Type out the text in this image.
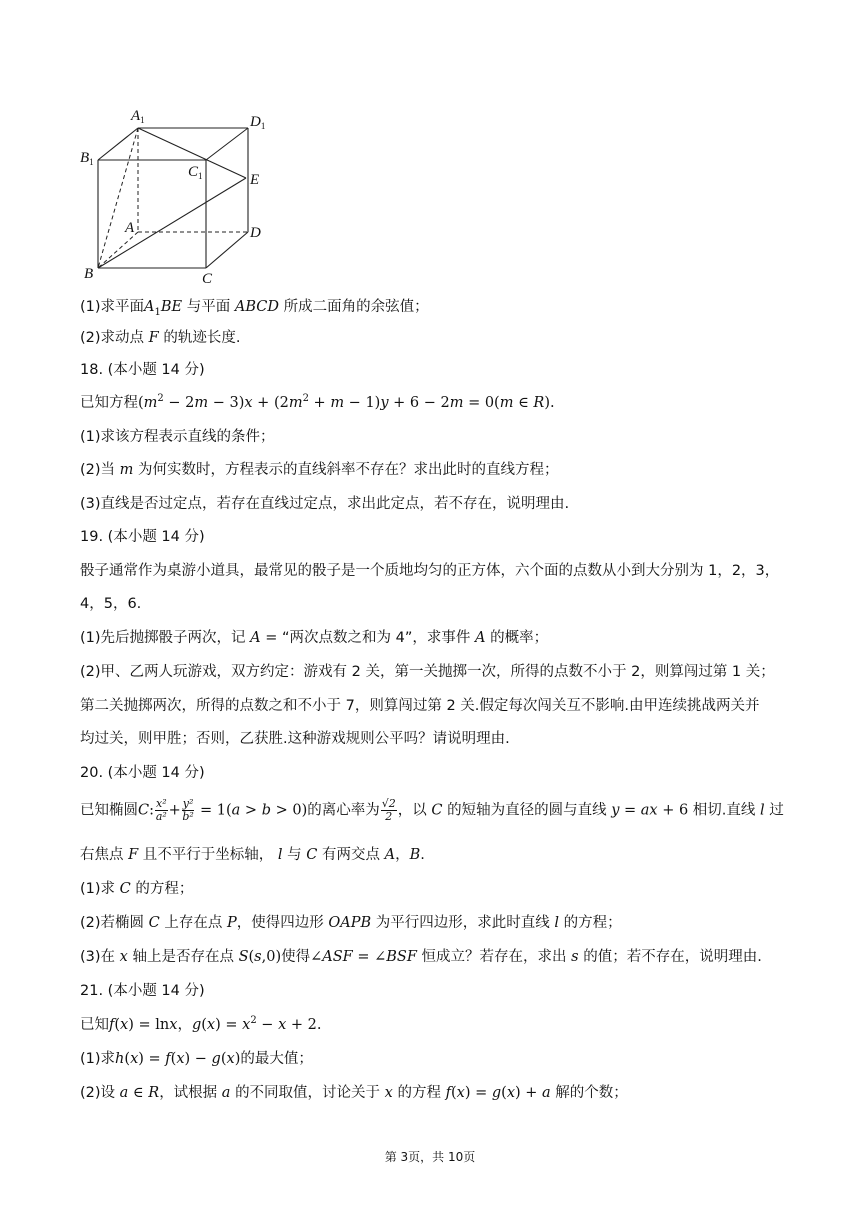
$A_1$	$D_1$
$B_1$
$C_1$	E
A	D
B	C
(1)求平面$A_1BE$ 与平面 ABCD 所成二面角的余弦值；
(2)求动点 F 的轨迹长度.
18. (本小题 14 分)
已知方程$(m^2 - 2m - 3)x + (2m^2 + m - 1)y + 6 - 2m = 0(m$ ∈ R).
(1)求该方程表示直线的条件；
(2)当 m 为何实数时，方程表示的直线斜率不存在？求出此时的直线方程；
(3)直线是否过定点，若存在直线过定点，求出此定点，若不存在，说明理由.
19. (本小题 14 分)
骰子通常作为桌游小道具，最常见的骰子是一个质地均匀的正方体，六个面的点数从小到大分别为 1，2，3，
4，5，6.
(1)先后抛掷骰子两次，记 A = “两次点数之和为 4”，求事件 A 的概率；
(2)甲、乙两人玩游戏，双方约定：游戏有 2 关，第一关抛掷一次，所得的点数不小于 2，则算闯过第 1 关；
第二关抛掷两次，所得的点数之和不小于 7，则算闯过第 2 关.假定每次闯关互不影响.由甲连续挑战两关并
均过关，则甲胜；否则，乙获胜.这种游戏规则公平吗？请说明理由.
20. (本小题 14 分)
已知椭圆C: $\frac{\text{x²}}{\text{a²}} + \frac{\text{y²}}{\text{b²}} = 1(a > b > 0)$的离心率为 $\frac{√2}{2}$ ，以 C 的短轴为直径的圆与直线 y = ax + 6 相切.直线 l 过
右焦点 F 且不平行于坐标轴， l 与 C 有两交点 A，B.
(1)求 C 的方程；
(2)若椭圆 C 上存在点 P，使得四边形 OAPB 为平行四边形，求此时直线 l 的方程；
(3)在 x 轴上是否存在点 S(s,0)使得∠ASF = ∠BSF 恒成立？若存在，求出 s 的值；若不存在，说明理由.
21. (本小题 14 分)
已知f(x) = lnx，$g(x) = x^2 - x + 2$.
(1)求h(x) = f(x) − g(x)的最大值；
(2)设 a ∈ R，试根据 a 的不同取值，讨论关于 x 的方程 f(x) = g(x) + a 解的个数；
第 3页，共 10页
